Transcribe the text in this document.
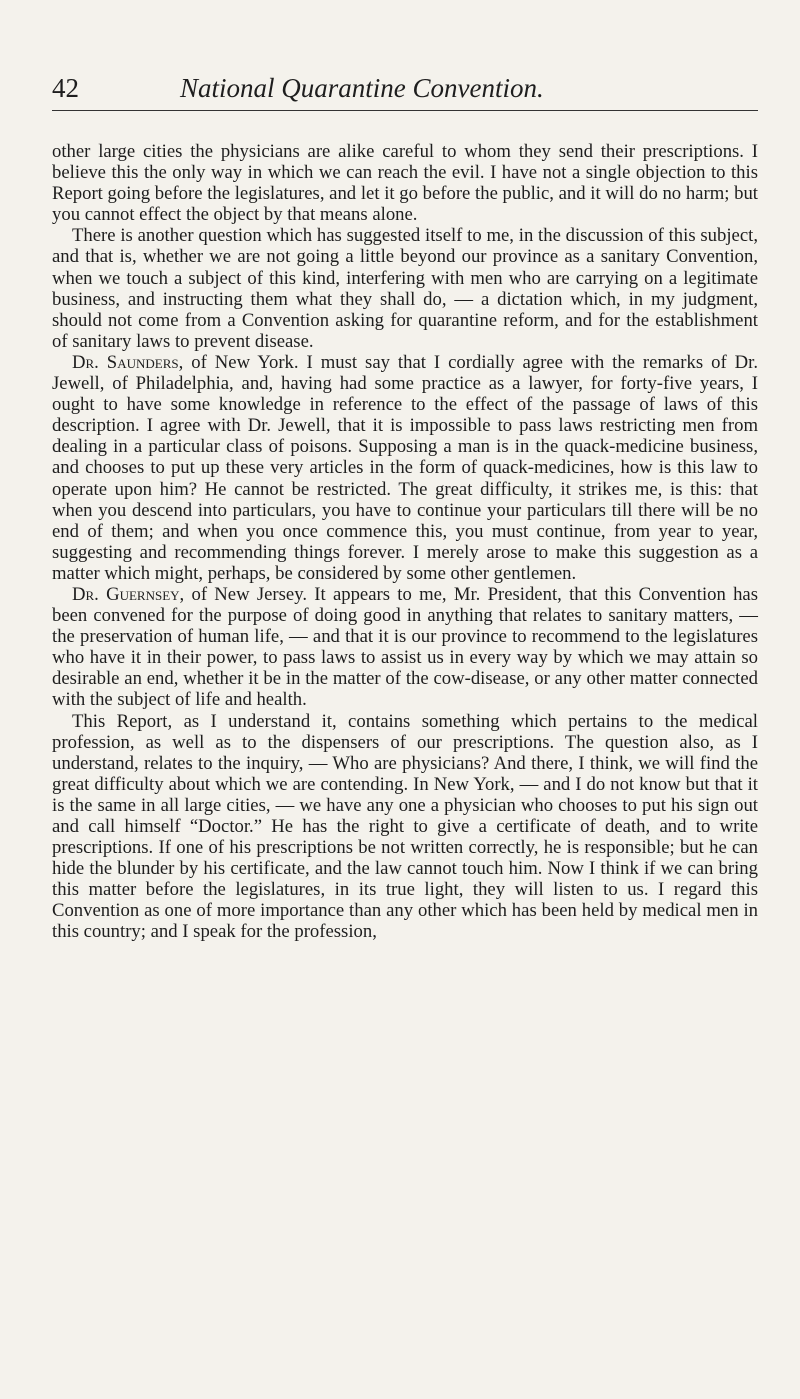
42	National Quarantine Convention.

other large cities the physicians are alike careful to whom they send their prescriptions. I believe this the only way in which we can reach the evil. I have not a single objection to this Report going before the legislatures, and let it go before the public, and it will do no harm; but you cannot effect the object by that means alone.

There is another question which has suggested itself to me, in the discussion of this subject, and that is, whether we are not going a little beyond our province as a sanitary Convention, when we touch a subject of this kind, interfering with men who are carrying on a legitimate business, and instructing them what they shall do, — a dictation which, in my judgment, should not come from a Convention asking for quarantine reform, and for the establishment of sanitary laws to prevent disease.

Dr. Saunders, of New York. I must say that I cordially agree with the remarks of Dr. Jewell, of Philadelphia, and, having had some practice as a lawyer, for forty-five years, I ought to have some knowledge in reference to the effect of the passage of laws of this description. I agree with Dr. Jewell, that it is impossible to pass laws restricting men from dealing in a particular class of poisons. Supposing a man is in the quack-medicine business, and chooses to put up these very articles in the form of quack-medicines, how is this law to operate upon him? He cannot be restricted. The great difficulty, it strikes me, is this: that when you descend into particulars, you have to continue your particulars till there will be no end of them; and when you once commence this, you must continue, from year to year, suggesting and recommending things forever. I merely arose to make this suggestion as a matter which might, perhaps, be considered by some other gentlemen.

Dr. Guernsey, of New Jersey. It appears to me, Mr. President, that this Convention has been convened for the purpose of doing good in anything that relates to sanitary matters, — the preservation of human life, — and that it is our province to recommend to the legislatures who have it in their power, to pass laws to assist us in every way by which we may attain so desirable an end, whether it be in the matter of the cow-disease, or any other matter connected with the subject of life and health.

This Report, as I understand it, contains something which pertains to the medical profession, as well as to the dispensers of our prescriptions. The question also, as I understand, relates to the inquiry, — Who are physicians? And there, I think, we will find the great difficulty about which we are contending. In New York, — and I do not know but that it is the same in all large cities, — we have any one a physician who chooses to put his sign out and call himself “Doctor.” He has the right to give a certificate of death, and to write prescriptions. If one of his prescriptions be not written correctly, he is responsible; but he can hide the blunder by his certificate, and the law cannot touch him. Now I think if we can bring this matter before the legislatures, in its true light, they will listen to us. I regard this Convention as one of more importance than any other which has been held by medical men in this country; and I speak for the profession,
